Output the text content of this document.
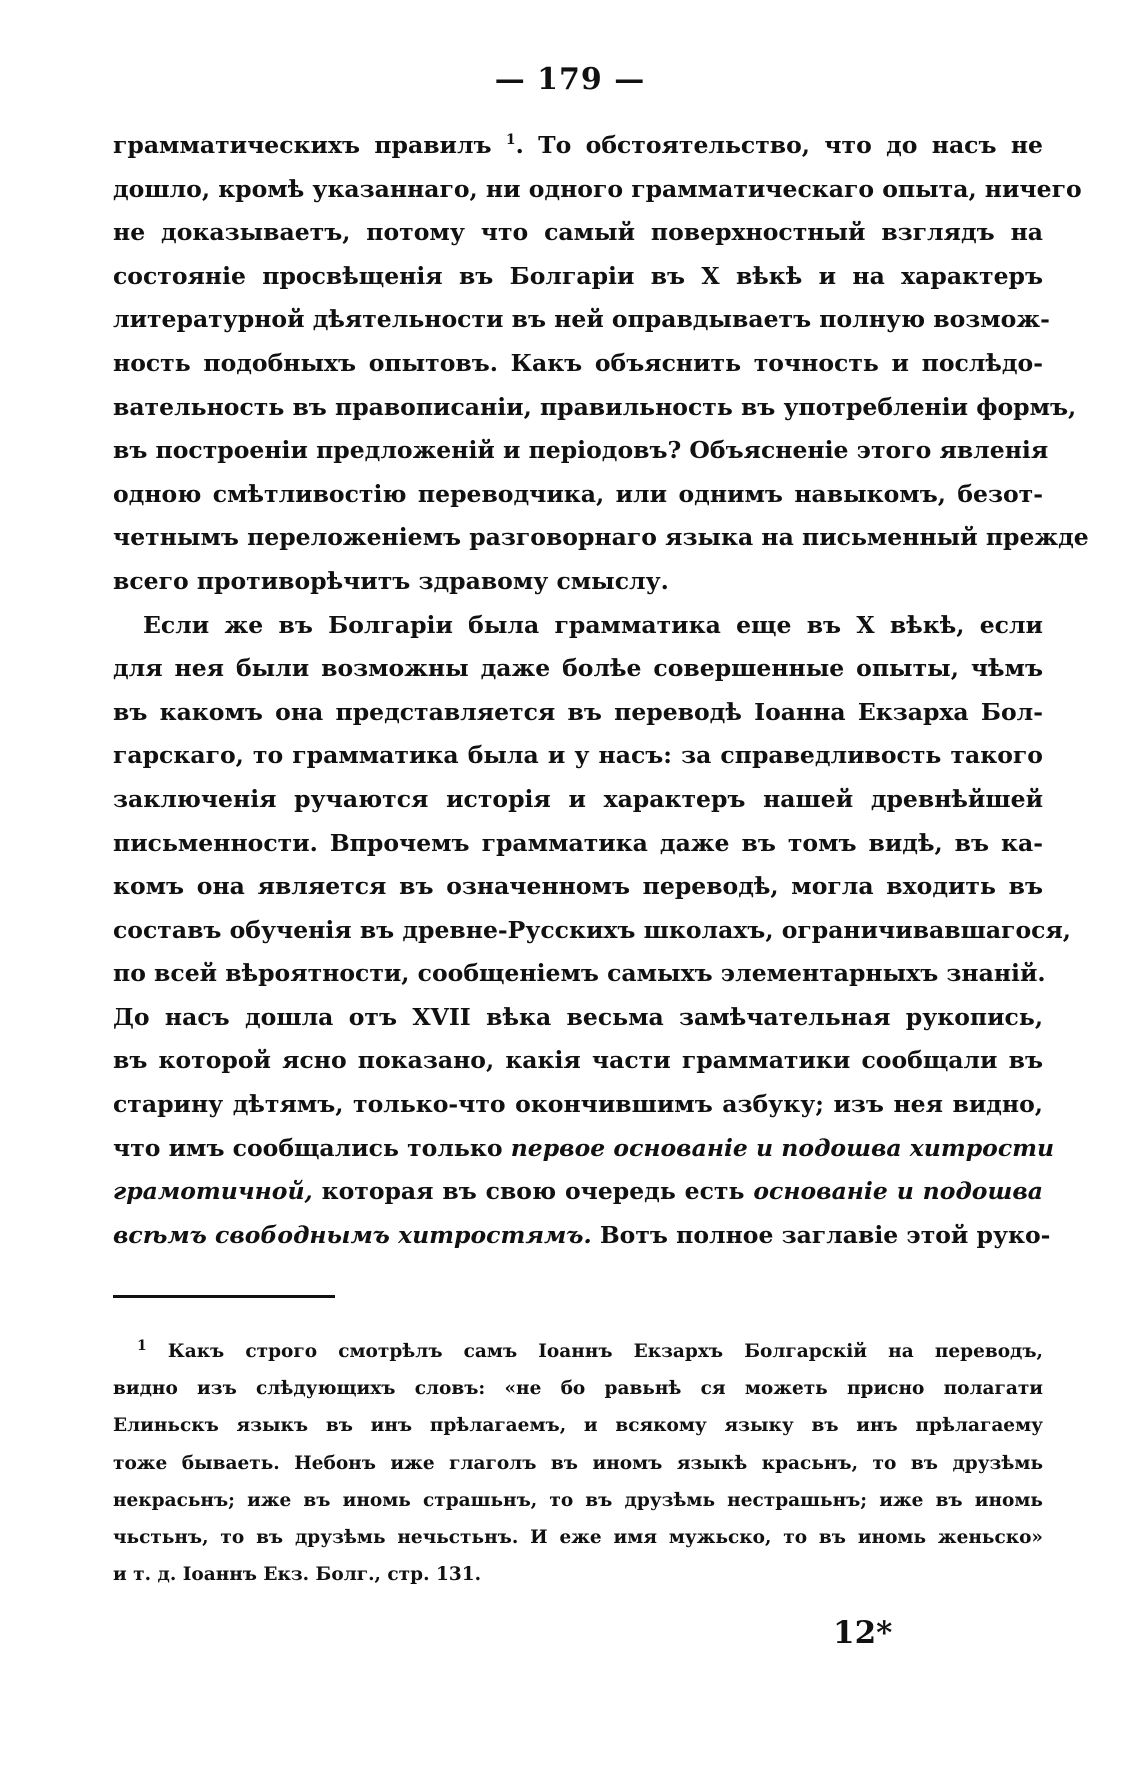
— 179 —
грамматическихъ правилъ $^1$. То обстоятельство, что до насъ не
дошло, кромѣ указаннаго, ни одного грамматическаго опыта, ничего
не доказываетъ, потому что самый поверхностный взглядъ на
состоянiе просвѣщенiя въ Болгарiи въ X вѣкѣ и на характеръ
литературной дѣятельности въ ней оправдываетъ полную возмож-
ность подобныхъ опытовъ. Какъ объяснить точность и послѣдо-
вательность въ правописанiи, правильность въ употребленiи формъ,
въ построенiи предложенiй и перiодовъ? Объясненiе этого явленiя
одною смѣтливостiю переводчика, или однимъ навыкомъ, безот-
четнымъ переложенiемъ разговорнаго языка на письменный прежде
всего противорѣчитъ здравому смыслу.
Если же въ Болгарiи была грамматика еще въ X вѣкѣ, если
для нея были возможны даже болѣе совершенные опыты, чѣмъ
въ какомъ она представляется въ переводѣ Iоанна Екзарха Бол-
гарскаго, то грамматика была и у насъ: за справедливость такого
заключенiя ручаются исторiя и характеръ нашей древнѣйшей
письменности. Впрочемъ грамматика даже въ томъ видѣ, въ ка-
комъ она является въ означенномъ переводѣ, могла входить въ
составъ обученiя въ древне-Русскихъ школахъ, ограничивавшагося,
по всей вѣроятности, сообщенiемъ самыхъ элементарныхъ знанiй.
До насъ дошла отъ XVII вѣка весьма замѣчательная рукопись,
въ которой ясно показано, какiя части грамматики сообщали въ
старину дѣтямъ, только-что окончившимъ азбуку; изъ нея видно,
что имъ сообщались только первое основанiе и подошва хитрости
грамотичной, которая въ свою очередь есть основанiе и подошва
всѣмъ свободнымъ хитростямъ. Вотъ полное заглавiе этой руко-
$^1$ Какъ строго смотрѣлъ самъ Iоаннъ Екзархъ Болгарскiй на переводъ,
видно изъ слѣдующихъ словъ: «не бо равьнѣ ся можеть присно полагати
Елиньскъ языкъ въ инъ прѣлагаемъ, и всякому языку въ инъ прѣлагаему
тоже бываеть. Небонъ иже глаголъ въ иномъ языкѣ красьнъ, то въ друзѣмь
некрасьнъ; иже въ иномь страшьнъ, то въ друзѣмь нестрашьнъ; иже въ иномь
чьстьнъ, то въ друзѣмь нечьстьнъ. И еже имя мужьско, то въ иномь женьско»
и т. д. Iоаннъ Екз. Болг., стр. 131.
12*
